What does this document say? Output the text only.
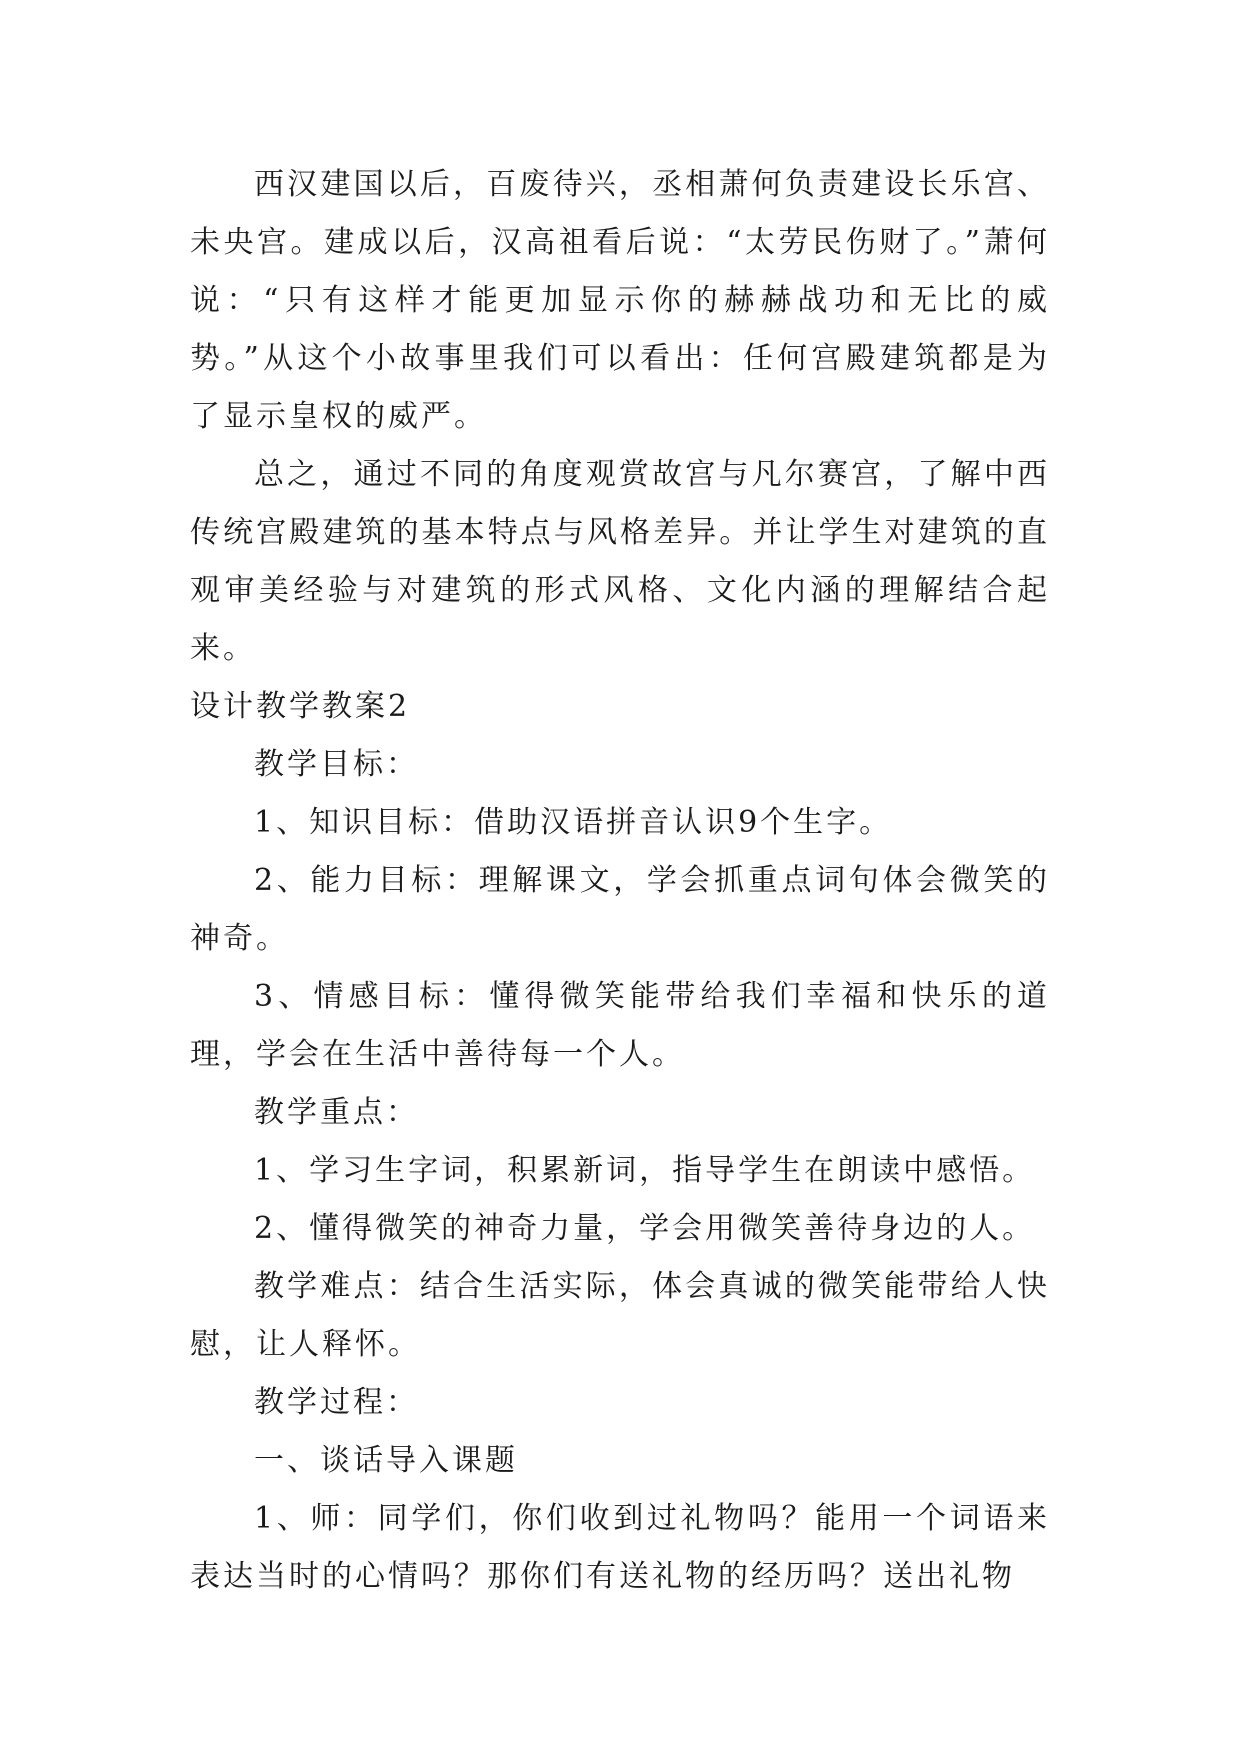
西汉建国以后，百废待兴，丞相萧何负责建设长乐宫、未央宫。建成以后，汉高祖看后说：“太劳民伤财了。”萧何说：“只有这样才能更加显示你的赫赫战功和无比的威势。”从这个小故事里我们可以看出：任何宫殿建筑都是为了显示皇权的威严。

总之，通过不同的角度观赏故宫与凡尔赛宫，了解中西传统宫殿建筑的基本特点与风格差异。并让学生对建筑的直观审美经验与对建筑的形式风格、文化内涵的理解结合起来。

设计教学教案2

教学目标：

1、知识目标：借助汉语拼音认识9个生字。

2、能力目标：理解课文，学会抓重点词句体会微笑的神奇。

3、情感目标：懂得微笑能带给我们幸福和快乐的道理，学会在生活中善待每一个人。

教学重点：

1、学习生字词，积累新词，指导学生在朗读中感悟。

2、懂得微笑的神奇力量，学会用微笑善待身边的人。

教学难点：结合生活实际，体会真诚的微笑能带给人快慰，让人释怀。

教学过程：

一、谈话导入课题

1、师：同学们，你们收到过礼物吗？能用一个词语来表达当时的心情吗？那你们有送礼物的经历吗？送出礼物
